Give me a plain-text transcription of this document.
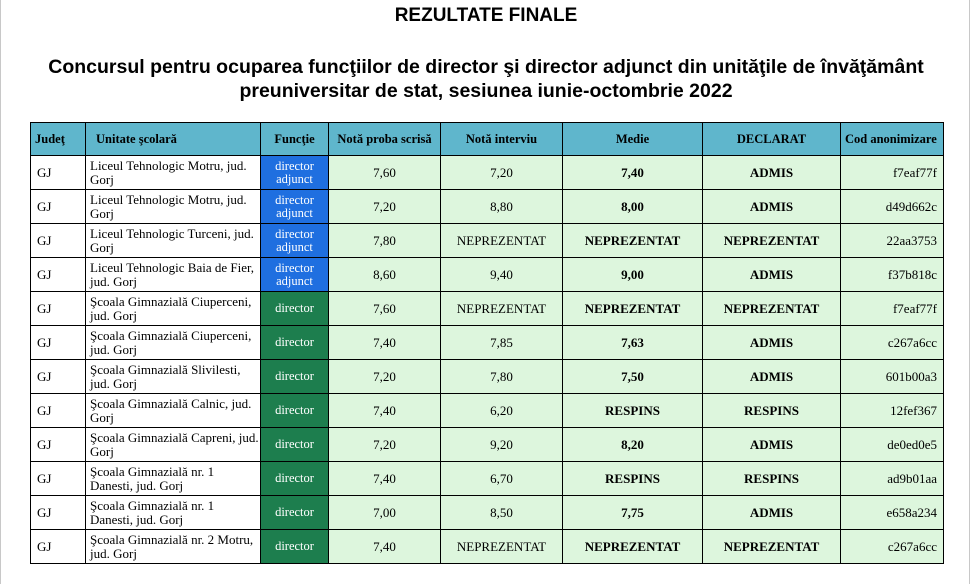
REZULTATE FINALE
Concursul pentru ocuparea funcţiilor de director şi director adjunct din unităţile de învăţământ
preuniversitar de stat, sesiunea iunie-octombrie 2022
Judeţ	Unitate şcolară	Funcţie	Notă proba scrisă	Notă interviu	Medie	DECLARAT	Cod anonimizare
GJ	Liceul Tehnologic Motru, jud. Gorj	director adjunct	7,60	7,20	7,40	ADMIS	f7eaf77f
GJ	Liceul Tehnologic Motru, jud. Gorj	director adjunct	7,20	8,80	8,00	ADMIS	d49d662c
GJ	Liceul Tehnologic Turceni, jud. Gorj	director adjunct	7,80	NEPREZENTAT	NEPREZENTAT	NEPREZENTAT	22aa3753
GJ	Liceul Tehnologic Baia de Fier, jud. Gorj	director adjunct	8,60	9,40	9,00	ADMIS	f37b818c
GJ	Şcoala Gimnazială Ciuperceni, jud. Gorj	director	7,60	NEPREZENTAT	NEPREZENTAT	NEPREZENTAT	f7eaf77f
GJ	Şcoala Gimnazială Ciuperceni, jud. Gorj	director	7,40	7,85	7,63	ADMIS	c267a6cc
GJ	Şcoala Gimnazială Slivilesti, jud. Gorj	director	7,20	7,80	7,50	ADMIS	601b00a3
GJ	Şcoala Gimnazială Calnic, jud. Gorj	director	7,40	6,20	RESPINS	RESPINS	12fef367
GJ	Şcoala Gimnazială Capreni, jud. Gorj	director	7,20	9,20	8,20	ADMIS	de0ed0e5
GJ	Şcoala Gimnazială nr. 1 Danesti, jud. Gorj	director	7,40	6,70	RESPINS	RESPINS	ad9b01aa
GJ	Şcoala Gimnazială nr. 1 Danesti, jud. Gorj	director	7,00	8,50	7,75	ADMIS	e658a234
GJ	Şcoala Gimnazială nr. 2 Motru, jud. Gorj	director	7,40	NEPREZENTAT	NEPREZENTAT	NEPREZENTAT	c267a6cc
